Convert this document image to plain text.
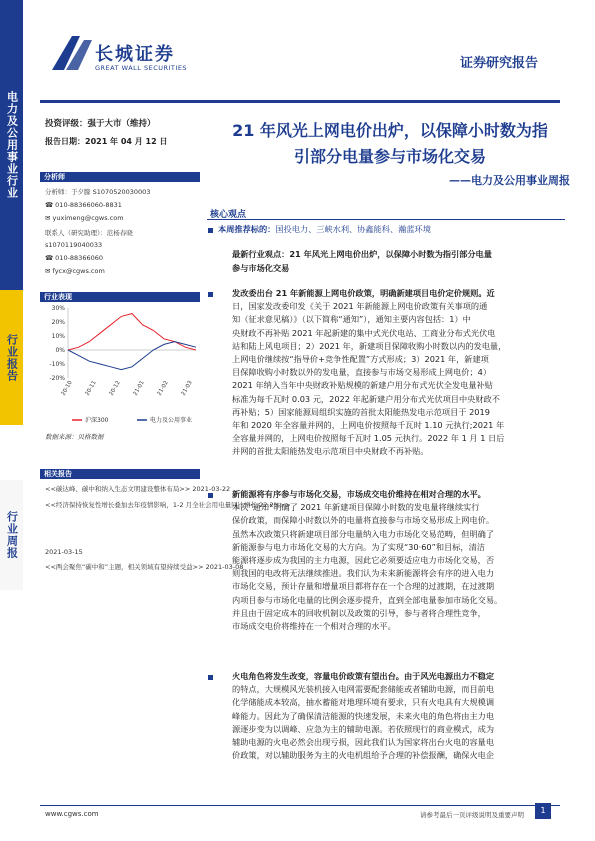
电力及公用事业行业
行业报告
行业周报
长城证券
GREAT WALL SECURITIES	证券研究报告
投资评级：强于大市（维持）
报告日期：2021 年 04 月 12 日
分析师
分析师：于夕朦 S1070520030003
☎ 010-88366060-8831
✉ yuximeng@cgws.com
联系人（研究助理）：范杨春晓
s1070119040033
☎ 010-88366060
✉ fycx@cgws.com
行业表现
30%
20%
10%
0%
-10%
-20%
20-10 20-11 20-12 21-01 21-02 21-03
沪深300	电力及公用事业
数据来源：贝格数据
相关报告
<<碳达峰、碳中和纳入生态文明建设整体布局>> 2021-03-22
<<经济保持恢复性增长叠加去年疫情影响，1-2 月全社会用电量同比增长 22.2%>>
2021-03-15
<<两会聚焦“碳中和”主题，相关领域有望持续受益>> 2021-03-08
21 年风光上网电价出炉，以保障小时数为指
引部分电量参与市场化交易
——电力及公用事业周报
核心观点
本周推荐标的：国投电力、三峡水利、协鑫能科、瀚蓝环境
最新行业观点：21 年风光上网电价出炉，以保障小时数为指引部分电量
参与市场化交易
发改委出台 21 年新能源上网电价政策，明确新建项目电价定价规则。近
日，国家发改委印发《关于 2021 年新能源上网电价政策有关事项的通
知（征求意见稿）》（以下简称“通知”），通知主要内容包括：1）中
央财政不再补贴 2021 年起新建的集中式光伏电站、工商业分布式光伏电
站和陆上风电项目；2）2021 年，新建项目保障收购小时数以内的发电量，
上网电价继续按“指导价+竞争性配置”方式形成；3）2021 年，新建项
目保障收购小时数以外的发电量，直接参与市场交易形成上网电价；4）
2021 年纳入当年中央财政补贴规模的新建户用分布式光伏全发电量补贴
标准为每千瓦时 0.03 元，2022 年起新建户用分布式光伏项目中央财政不
再补贴；5）国家能源局组织实施的首批太阳能热发电示范项目于 2019
年和 2020 年全容量并网的，上网电价按照每千瓦时 1.10 元执行;2021 年
全容量并网的，上网电价按照每千瓦时 1.05 元执行。2022 年 1 月 1 日后
并网的首批太阳能热发电示范项目中央财政不再补贴。
新能源将有序参与市场化交易，市场成交电价维持在相对合理的水平。
本次“通知”明确了 2021 年新建项目保障小时数的发电量将继续实行
保价政策，而保障小时数以外的电量将直接参与市场交易形成上网电价。
虽然本次政策只将新建项目部分电量纳入电力市场化交易范畴，但明确了
新能源参与电力市场化交易的大方向。为了实现“30·60”和目标，清洁
能源将逐步成为我国的主力电源，因此它必须要适应电力市场化交易，否
则我国的电改将无法继续推进。我们认为未来新能源将会有序的进入电力
市场化交易，预计存量和增量项目都将存在一个合理的过渡期，在过渡期
内项目参与市场化电量的比例会逐步提升，直到全部电量参加市场化交易。
并且由于固定成本的回收机制以及政策的引导，参与者将合理性竞争，
市场成交电价将维持在一个相对合理的水平。
火电角色将发生改变，容量电价政策有望出台。由于风光电源出力不稳定
的特点，大规模风光装机接入电网需要配套储能或者辅助电源，而目前电
化学储能成本较高，抽水蓄能对地理环境有要求，只有火电具有大规模调
峰能力。因此为了确保清洁能源的快速发展，未来火电的角色将由主力电
源逐步变为以调峰、应急为主的辅助电源。若依照现行的商业模式，成为
辅助电源的火电必然会出现亏损，因此我们认为国家将出台火电的容量电
价政策，对以辅助服务为主的火电机组给予合理的补偿报酬，确保火电企
www.cgws.com	请参考最后一页评级说明及重要声明	1
